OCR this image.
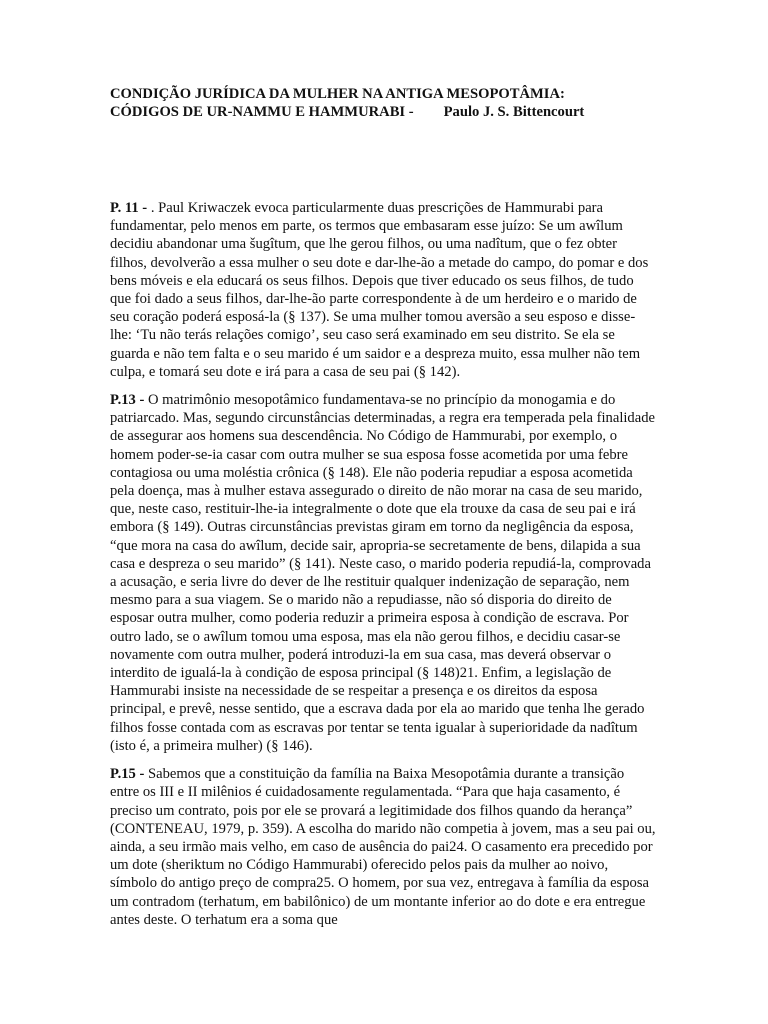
CONDIÇÃO JURÍDICA DA MULHER NA ANTIGA MESOPOTÂMIA:
CÓDIGOS DE UR-NAMMU E HAMMURABI - Paulo J. S. Bittencourt

P. 11 - . Paul Kriwaczek evoca particularmente duas prescrições de Hammurabi para fundamentar, pelo menos em parte, os termos que embasaram esse juízo: Se um awîlum decidiu abandonar uma šugîtum, que lhe gerou filhos, ou uma nadîtum, que o fez obter filhos, devolverão a essa mulher o seu dote e dar-lhe-ão a metade do campo, do pomar e dos bens móveis e ela educará os seus filhos. Depois que tiver educado os seus filhos, de tudo que foi dado a seus filhos, dar-lhe-ão parte correspondente à de um herdeiro e o marido de seu coração poderá esposá-la (§ 137). Se uma mulher tomou aversão a seu esposo e disse-lhe: ‘Tu não terás relações comigo’, seu caso será examinado em seu distrito. Se ela se guarda e não tem falta e o seu marido é um saidor e a despreza muito, essa mulher não tem culpa, e tomará seu dote e irá para a casa de seu pai (§ 142).

P.13 - O matrimônio mesopotâmico fundamentava-se no princípio da monogamia e do patriarcado. Mas, segundo circunstâncias determinadas, a regra era temperada pela finalidade de assegurar aos homens sua descendência. No Código de Hammurabi, por exemplo, o homem poder-se-ia casar com outra mulher se sua esposa fosse acometida por uma febre contagiosa ou uma moléstia crônica (§ 148). Ele não poderia repudiar a esposa acometida pela doença, mas à mulher estava assegurado o direito de não morar na casa de seu marido, que, neste caso, restituir-lhe-ia integralmente o dote que ela trouxe da casa de seu pai e irá embora (§ 149). Outras circunstâncias previstas giram em torno da negligência da esposa, “que mora na casa do awîlum, decide sair, apropria-se secretamente de bens, dilapida a sua casa e despreza o seu marido” (§ 141). Neste caso, o marido poderia repudiá-la, comprovada a acusação, e seria livre do dever de lhe restituir qualquer indenização de separação, nem mesmo para a sua viagem. Se o marido não a repudiasse, não só disporia do direito de esposar outra mulher, como poderia reduzir a primeira esposa à condição de escrava. Por outro lado, se o awîlum tomou uma esposa, mas ela não gerou filhos, e decidiu casar-se novamente com outra mulher, poderá introduzi-la em sua casa, mas deverá observar o interdito de igualá-la à condição de esposa principal (§ 148)21. Enfim, a legislação de Hammurabi insiste na necessidade de se respeitar a presença e os direitos da esposa principal, e prevê, nesse sentido, que a escrava dada por ela ao marido que tenha lhe gerado filhos fosse contada com as escravas por tentar se tenta igualar à superioridade da nadîtum (isto é, a primeira mulher) (§ 146).

P.15 - Sabemos que a constituição da família na Baixa Mesopotâmia durante a transição entre os III e II milênios é cuidadosamente regulamentada. “Para que haja casamento, é preciso um contrato, pois por ele se provará a legitimidade dos filhos quando da herança” (CONTENEAU, 1979, p. 359). A escolha do marido não competia à jovem, mas a seu pai ou, ainda, a seu irmão mais velho, em caso de ausência do pai24. O casamento era precedido por um dote (sheriktum no Código Hammurabi) oferecido pelos pais da mulher ao noivo, símbolo do antigo preço de compra25. O homem, por sua vez, entregava à família da esposa um contradom (terhatum, em babilônico) de um montante inferior ao do dote e era entregue antes deste. O terhatum era a soma que
